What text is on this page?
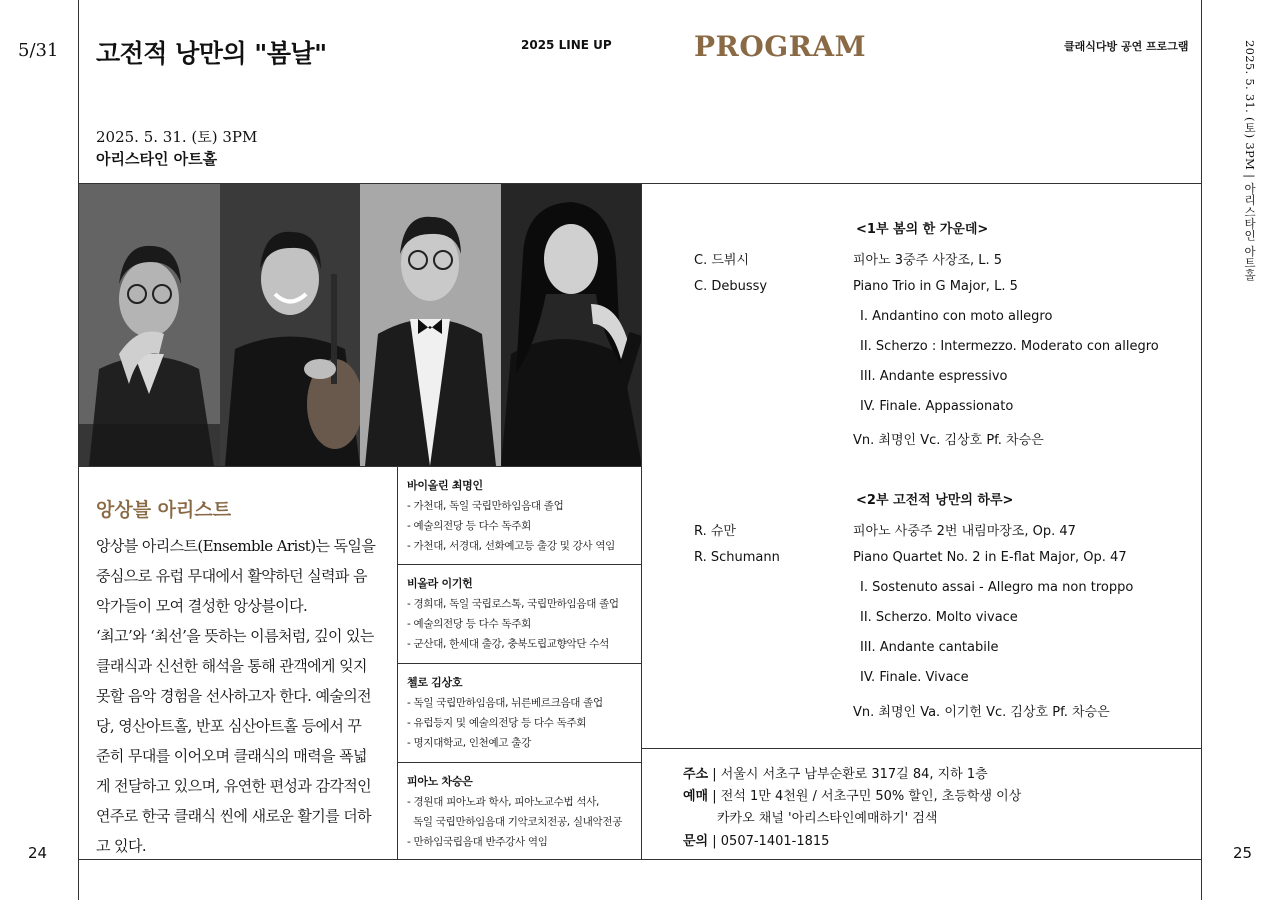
5/31
24	25
2025. 5. 31. (토) 3PM | 아리스타인 아트홀
고전적 낭만의 "봄날"	2025 LINE UP	PROGRAM	클래식다방 공연 프로그램
2025. 5. 31. (토) 3PM
아리스타인 아트홀
앙상블 아리스트
앙상블 아리스트(Ensemble Arist)는 독일을
중심으로 유럽 무대에서 활약하던 실력파 음
악가들이 모여 결성한 앙상블이다.
‘최고’와 ‘최선’을 뜻하는 이름처럼, 깊이 있는
클래식과 신선한 해석을 통해 관객에게 잊지
못할 음악 경험을 선사하고자 한다. 예술의전
당, 영산아트홀, 반포 심산아트홀 등에서 꾸
준히 무대를 이어오며 클래식의 매력을 폭넓
게 전달하고 있으며, 유연한 편성과 감각적인
연주로 한국 클래식 씬에 새로운 활기를 더하
고 있다.
바이올린 최명인
- 가천대, 독일 국립만하임음대 졸업
- 예술의전당 등 다수 독주회
- 가천대, 서경대, 선화예고등 출강 및 강사 역임
비올라 이기헌
- 경희대, 독일 국립로스톡, 국립만하임음대 졸업
- 예술의전당 등 다수 독주회
- 군산대, 한세대 출강, 충북도립교향악단 수석
첼로 김상호
- 독일 국립만하임음대, 뉘른베르크음대 졸업
- 유럽등지 및 예술의전당 등 다수 독주회
- 명지대학교, 인천예고 출강
피아노 차승은
- 경원대 피아노과 학사, 피아노교수법 석사,
독일 국립만하임음대 기악코치전공, 실내악전공
- 만하임국립음대 반주강사 역임
<1부 봄의 한 가운데>
C. 드뷔시	피아노 3중주 사장조, L. 5
C. Debussy	Piano Trio in G Major, L. 5
I. Andantino con moto allegro
II. Scherzo : Intermezzo. Moderato con allegro
III. Andante espressivo
IV. Finale. Appassionato
Vn. 최명인 Vc. 김상호 Pf. 차승은
<2부 고전적 낭만의 하루>
R. 슈만	피아노 사중주 2번 내림마장조, Op. 47
R. Schumann	Piano Quartet No. 2 in E-flat Major, Op. 47
I. Sostenuto assai - Allegro ma non troppo
II. Scherzo. Molto vivace
III. Andante cantabile
IV. Finale. Vivace
Vn. 최명인 Va. 이기헌 Vc. 김상호 Pf. 차승은
주소 | 서울시 서초구 남부순환로 317길 84, 지하 1층
예매 | 전석 1만 4천원 / 서초구민 50% 할인, 초등학생 이상
카카오 채널 '아리스타인예매하기' 검색
문의 | 0507-1401-1815
